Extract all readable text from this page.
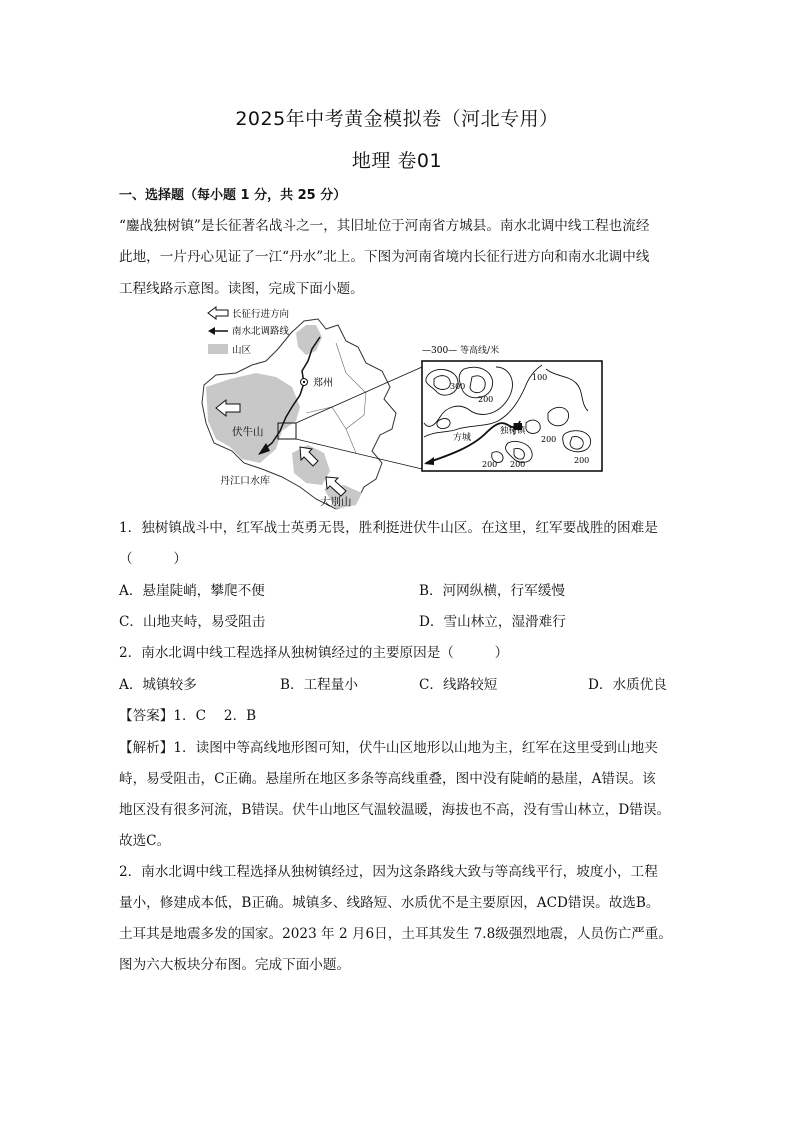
2025年中考黄金模拟卷（河北专用）
地理 卷01
一、选择题（每小题 1 分，共 25 分）
“鏖战独树镇”是长征著名战斗之一，其旧址位于河南省方城县。南水北调中线工程也流经
此地，一片丹心见证了一江“丹水”北上。下图为河南省境内长征行进方向和南水北调中线
工程线路示意图。读图，完成下面小题。
长征行进方向
南水北调路线
山区
郑州
伏牛山
丹江口水库
大別山
—300— 等高线/米
方城
独树镇
300
200
100
200
200	200
200
1．独树镇战斗中，红军战士英勇无畏，胜利挺进伏牛山区。在这里，红军要战胜的困难是
（　　　）
A．悬崖陡峭，攀爬不便	B．河网纵横，行军缓慢
C．山地夹峙，易受阻击	D．雪山林立，湿滑难行
2．南水北调中线工程选择从独树镇经过的主要原因是（　　　）
A．城镇较多	B．工程量小	C．线路较短	D．水质优良
【答案】1．C　 2．B
【解析】1．读图中等高线地形图可知，伏牛山区地形以山地为主，红军在这里受到山地夹
峙，易受阻击，C正确。悬崖所在地区多条等高线重叠，图中没有陡峭的悬崖，A错误。该
地区没有很多河流，B错误。伏牛山地区气温较温暖，海拔也不高，没有雪山林立，D错误。
故选C。
2．南水北调中线工程选择从独树镇经过，因为这条路线大致与等高线平行，坡度小，工程
量小，修建成本低，B正确。城镇多、线路短、水质优不是主要原因，ACD错误。故选B。
土耳其是地震多发的国家。2023 年 2 月6日，土耳其发生 7.8级强烈地震，人员伤亡严重。
图为六大板块分布图。完成下面小题。
